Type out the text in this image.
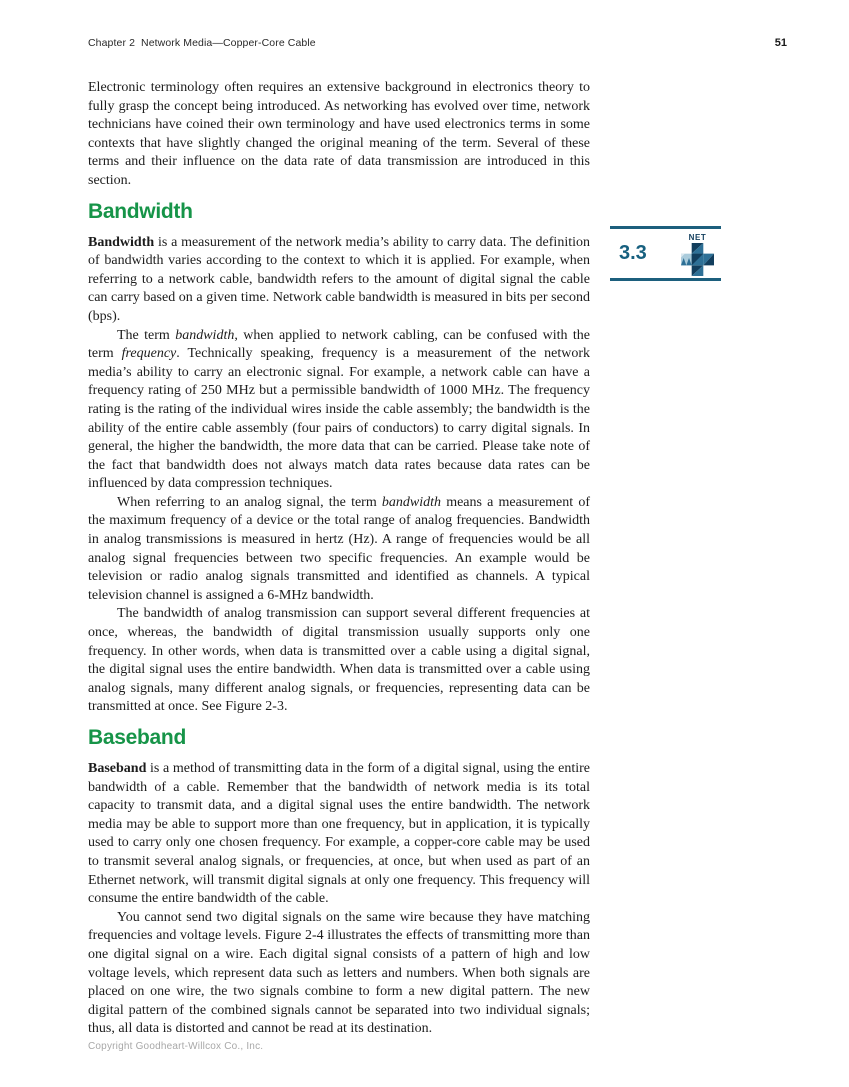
Chapter 2  Network Media—Copper-Core Cable	51

Electronic terminology often requires an extensive background in electronics theory to fully grasp the concept being introduced. As networking has evolved over time, network technicians have coined their own terminology and have used electronics terms in some contexts that have slightly changed the original meaning of the term. Several of these terms and their influence on the data rate of data transmission are introduced in this section.

Bandwidth

Bandwidth is a measurement of the network media’s ability to carry data. The definition of bandwidth varies according to the context to which it is applied. For example, when referring to a network cable, bandwidth refers to the amount of digital signal the cable can carry based on a given time. Network cable bandwidth is measured in bits per second (bps).

The term bandwidth, when applied to network cabling, can be confused with the term frequency. Technically speaking, frequency is a measurement of the network media’s ability to carry an electronic signal. For example, a network cable can have a frequency rating of 250 MHz but a permissible bandwidth of 1000 MHz. The frequency rating is the rating of the individual wires inside the cable assembly; the bandwidth is the ability of the entire cable assembly (four pairs of conductors) to carry digital signals. In general, the higher the bandwidth, the more data that can be carried. Please take note of the fact that bandwidth does not always match data rates because data rates can be influenced by data compression techniques.

When referring to an analog signal, the term bandwidth means a measurement of the maximum frequency of a device or the total range of analog frequencies. Bandwidth in analog transmissions is measured in hertz (Hz). A range of frequencies would be all analog signal frequencies between two specific frequencies. An example would be television or radio analog signals transmitted and identified as channels. A typical television channel is assigned a 6-MHz bandwidth.

The bandwidth of analog transmission can support several different frequencies at once, whereas, the bandwidth of digital transmission usually supports only one frequency. In other words, when data is transmitted over a cable using a digital signal, the digital signal uses the entire bandwidth. When data is transmitted over a cable using analog signals, many different analog signals, or frequencies, representing data can be transmitted at once. See Figure 2-3.

Baseband

Baseband is a method of transmitting data in the form of a digital signal, using the entire bandwidth of a cable. Remember that the bandwidth of network media is its total capacity to transmit data, and a digital signal uses the entire bandwidth. The network media may be able to support more than one frequency, but in application, it is typically used to carry only one chosen frequency. For example, a copper-core cable may be used to transmit several analog signals, or frequencies, at once, but when used as part of an Ethernet network, will transmit digital signals at only one frequency. This frequency will consume the entire bandwidth of the cable.

You cannot send two digital signals on the same wire because they have matching frequencies and voltage levels. Figure 2-4 illustrates the effects of transmitting more than one digital signal on a wire. Each digital signal consists of a pattern of high and low voltage levels, which represent data such as letters and numbers. When both signals are placed on one wire, the two signals combine to form a new digital pattern. The new digital pattern of the combined signals cannot be separated into two individual signals; thus, all data is distorted and cannot be read at its destination.

3.3
NET
Copyright Goodheart-Willcox Co., Inc.
